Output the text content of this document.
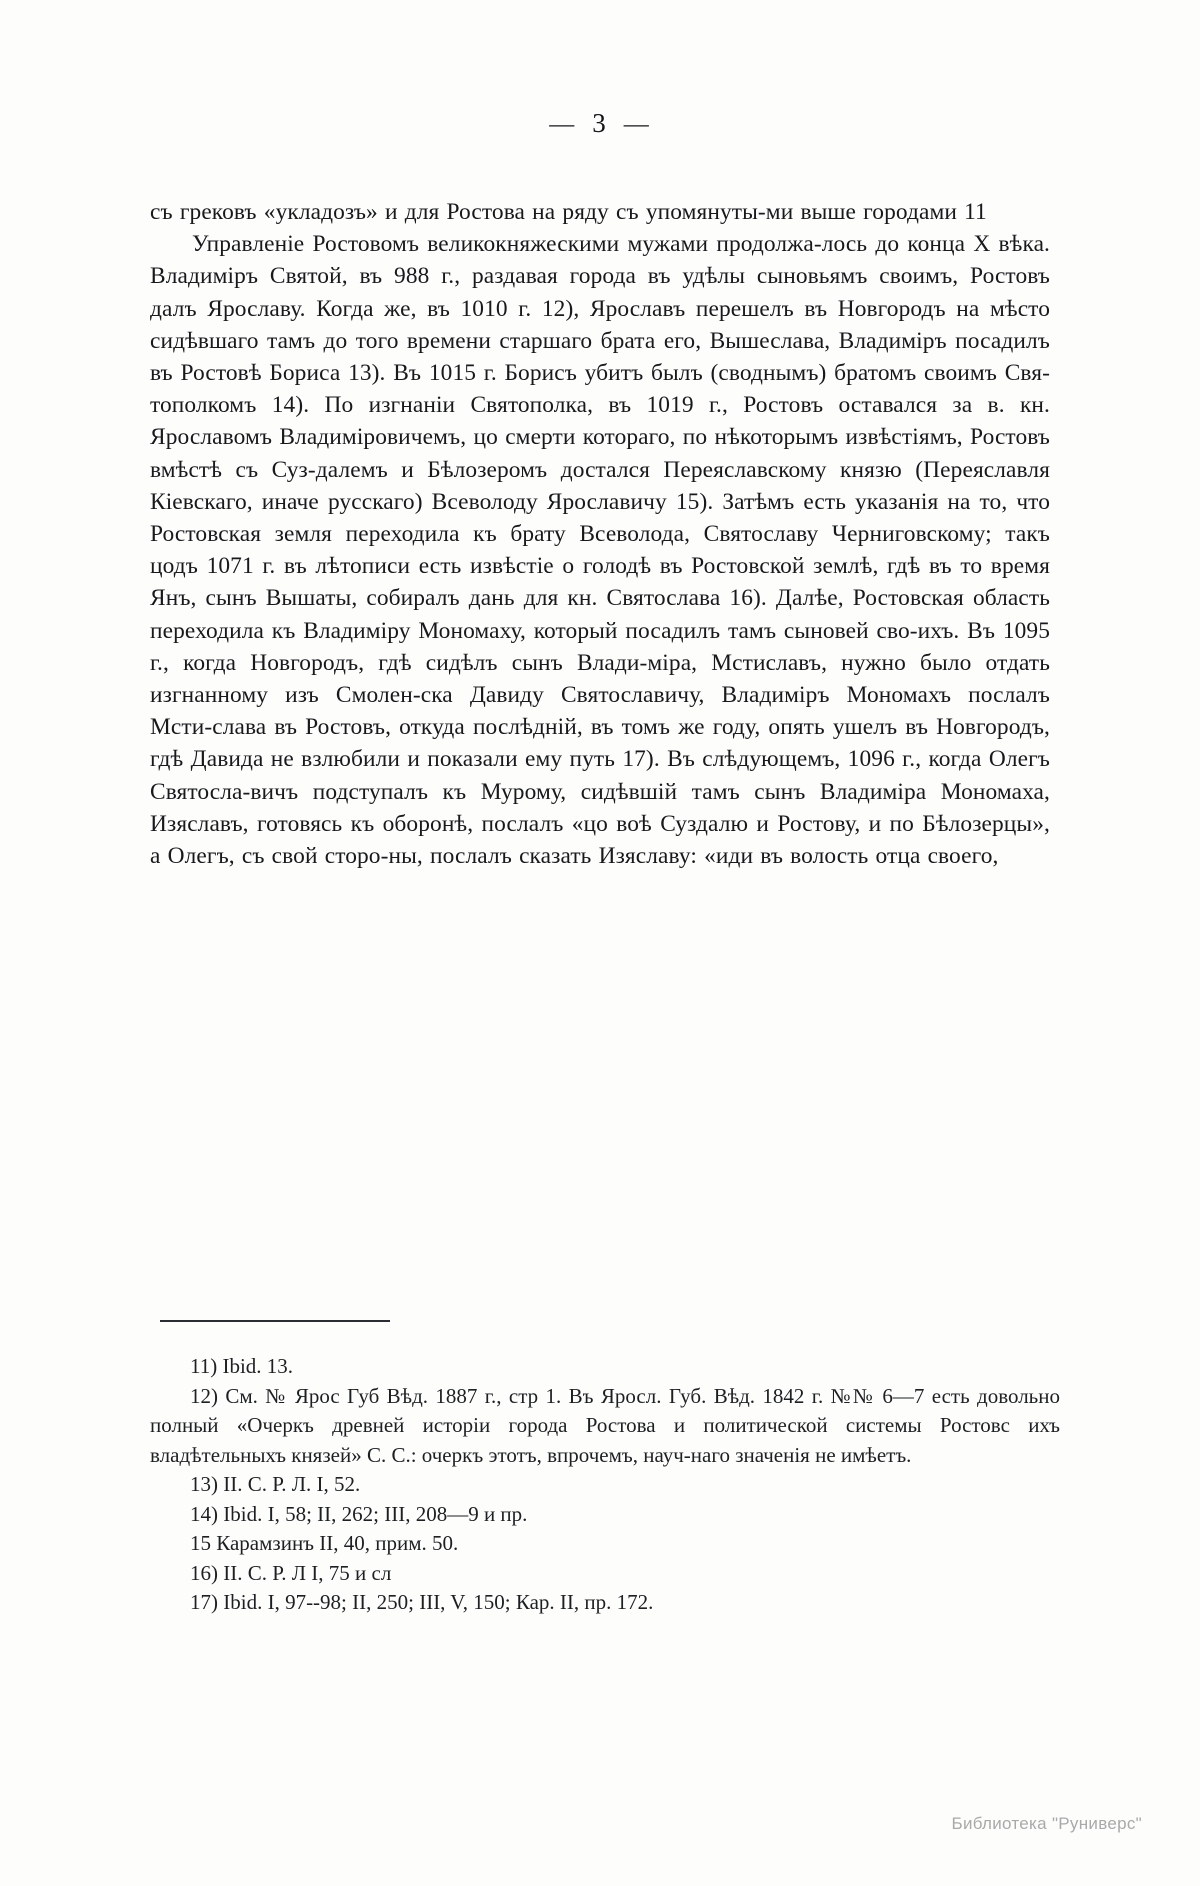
— 3 —

съ грековъ «укладозъ» и для Ростова на ряду съ упомянуты-ми выше городами 11

Управленіе Ростовомъ великокняжескими мужами продолжа-лось до конца X вѣка. Владиміръ Святой, въ 988 г., раздавая города въ удѣлы сыновьямъ своимъ, Ростовъ далъ Ярославу. Когда же, въ 1010 г. 12), Ярославъ перешелъ въ Новгородъ на мѣсто сидѣвшаго тамъ до того времени старшаго брата его, Вышеслава, Владиміръ посадилъ въ Ростовѣ Бориса 13). Въ 1015 г. Борисъ убитъ былъ (своднымъ) братомъ своимъ Свя-тополкомъ 14). По изгнаніи Святополка, въ 1019 г., Ростовъ оставался за в. кн. Ярославомъ Владиміровичемъ, цо смерти котораго, по нѣкоторымъ извѣстіямъ, Ростовъ вмѣстѣ съ Суз-далемъ и Бѣлозеромъ достался Переяславскому князю (Переяславля Кіевскаго, иначе русскаго) Всеволоду Ярославичу 15). Затѣмъ есть указанія на то, что Ростовская земля переходила къ брату Всеволода, Святославу Черниговскому; такъ цодъ 1071 г. въ лѣтописи есть извѣстіе о голодѣ въ Ростовской землѣ, гдѣ въ то время Янъ, сынъ Вышаты, собиралъ дань для кн. Святослава 16). Далѣе, Ростовская область переходила къ Владиміру Мономаху, который посадилъ тамъ сыновей сво-ихъ. Въ 1095 г., когда Новгородъ, гдѣ сидѣлъ сынъ Влади-міра, Мстиславъ, нужно было отдать изгнанному изъ Смолен-ска Давиду Святославичу, Владиміръ Мономахъ послалъ Мсти-слава въ Ростовъ, откуда послѣдній, въ томъ же году, опять ушелъ въ Новгородъ, гдѣ Давида не взлюбили и показали ему путь 17). Въ слѣдующемъ, 1096 г., когда Олегъ Святосла-вичъ подступалъ къ Мурому, сидѣвшій тамъ сынъ Владиміра Мономаха, Изяславъ, готовясь къ оборонѣ, послалъ «цо воѣ Суздалю и Ростову, и по Бѣлозерцы», а Олегъ, съ свой сторо-ны, послалъ сказать Изяславу: «иди въ волость отца своего,

11) Ibid. 13.

12) См. № Ярос Губ Вѣд. 1887 г., стр 1. Въ Яросл. Губ. Вѣд. 1842 г. №№ 6—7 есть довольно полный «Очеркъ древней исторіи города Ростова и политической системы Ростовс ихъ владѣтельныхъ князей» С. С.: очеркъ этотъ, впрочемъ, науч-наго значенія не имѣетъ.

13) II. С. Р. Л. I, 52.

14) Ibid. I, 58; II, 262; III, 208—9 и пр.

15 Карамзинъ II, 40, прим. 50.

16) II. С. Р. Л I, 75 и сл

17) Ibid. I, 97--98; II, 250; III, V, 150; Кар. II, пр. 172.

Библиотека "Руниверс"
